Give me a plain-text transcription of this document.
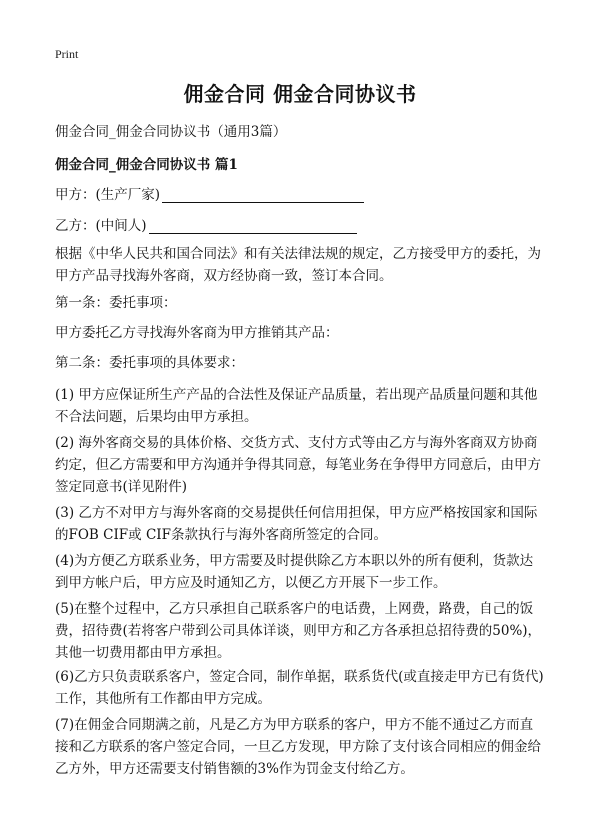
Print
佣金合同 佣金合同协议书
佣金合同_佣金合同协议书（通用3篇）
佣金合同_佣金合同协议书 篇1
甲方：(生产厂家)
乙方：(中间人)
根据《中华人民共和国合同法》和有关法律法规的规定，乙方接受甲方的委托，为
甲方产品寻找海外客商，双方经协商一致，签订本合同。
第一条：委托事项：
甲方委托乙方寻找海外客商为甲方推销其产品：
第二条：委托事项的具体要求：
(1) 甲方应保证所生产产品的合法性及保证产品质量，若出现产品质量问题和其他
不合法问题，后果均由甲方承担。
(2) 海外客商交易的具体价格、交货方式、支付方式等由乙方与海外客商双方协商
约定，但乙方需要和甲方沟通并争得其同意，每笔业务在争得甲方同意后，由甲方
签定同意书(详见附件)
(3) 乙方不对甲方与海外客商的交易提供任何信用担保，甲方应严格按国家和国际
的FOB CIF或 CIF条款执行与海外客商所签定的合同。
(4)为方便乙方联系业务，甲方需要及时提供除乙方本职以外的所有便利，货款达
到甲方帐户后，甲方应及时通知乙方，以便乙方开展下一步工作。
(5)在整个过程中，乙方只承担自己联系客户的电话费，上网费，路费，自己的饭
费，招待费(若将客户带到公司具体详谈，则甲方和乙方各承担总招待费的50%)，
其他一切费用都由甲方承担。
(6)乙方只负责联系客户，签定合同，制作单据，联系货代(或直接走甲方已有货代)
工作，其他所有工作都由甲方完成。
(7)在佣金合同期满之前，凡是乙方为甲方联系的客户，甲方不能不通过乙方而直
接和乙方联系的客户签定合同，一旦乙方发现，甲方除了支付该合同相应的佣金给
乙方外，甲方还需要支付销售额的3%作为罚金支付给乙方。
